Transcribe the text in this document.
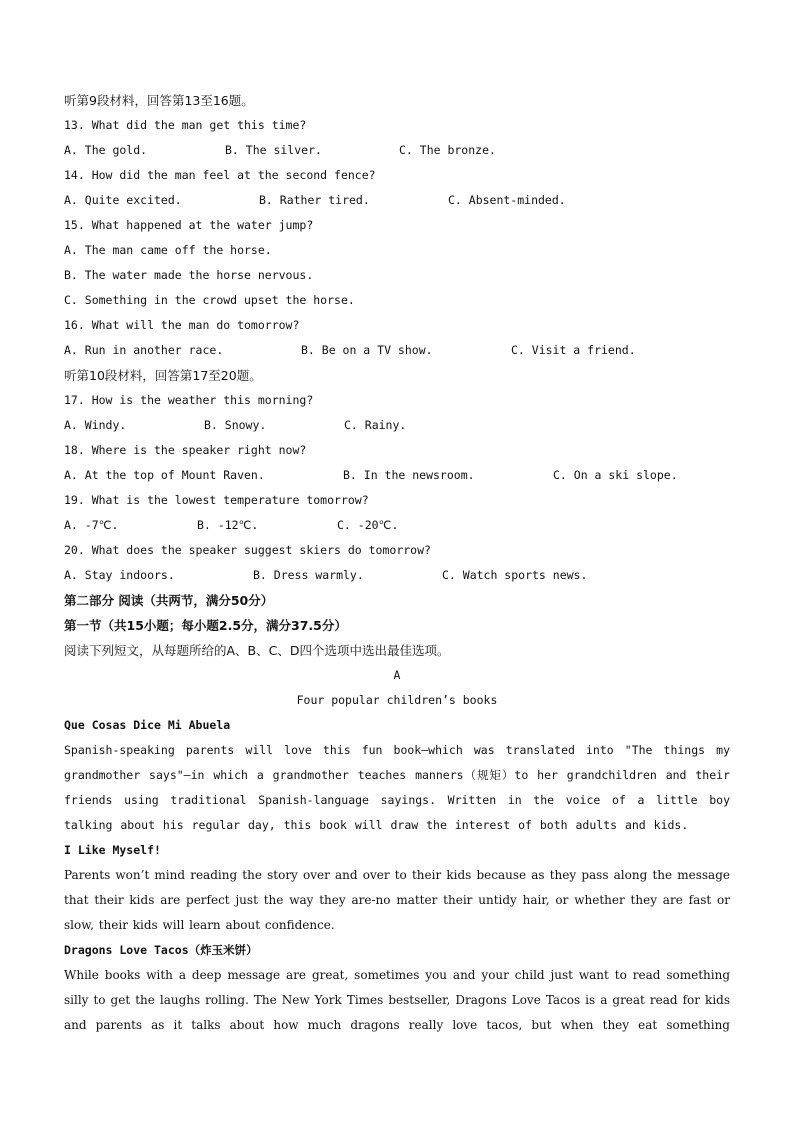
听第9段材料，回答第13至16题。
13. What did the man get this time?
A. The gold.	B. The silver.	C. The bronze.
14. How did the man feel at the second fence?
A. Quite excited.	B. Rather tired.	C. Absent-minded.
15. What happened at the water jump?
A. The man came off the horse.
B. The water made the horse nervous.
C. Something in the crowd upset the horse.
16. What will the man do tomorrow?
A. Run in another race.	B. Be on a TV show.	C. Visit a friend.
听第10段材料，回答第17至20题。
17. How is the weather this morning?
A. Windy.	B. Snowy.	C. Rainy.
18. Where is the speaker right now?
A. At the top of Mount Raven.	B. In the newsroom.	C. On a ski slope.
19. What is the lowest temperature tomorrow?
A. -7℃.	B. -12℃.	C. -20℃.
20. What does the speaker suggest skiers do tomorrow?
A. Stay indoors.	B. Dress warmly.	C. Watch sports news.
第二部分 阅读（共两节，满分50分）
第一节（共15小题；每小题2.5分，满分37.5分）
阅读下列短文，从每题所给的A、B、C、D四个选项中选出最佳选项。
A
Four popular children’s books
Que Cosas Dice Mi Abuela
Spanish-speaking parents will love this fun book—which was translated into "The things my grandmother says"—in which a grandmother teaches manners（规矩）to her grandchildren and their friends using traditional Spanish-language sayings. Written in the voice of a little boy talking about his regular day, this book will draw the interest of both adults and kids.
I Like Myself!
Parents won’t mind reading the story over and over to their kids because as they pass along the message that their kids are perfect just the way they are-no matter their untidy hair, or whether they are fast or slow, their kids will learn about confidence.
Dragons Love Tacos（炸玉米饼）
While books with a deep message are great, sometimes you and your child just want to read something silly to get the laughs rolling. The New York Times bestseller, Dragons Love Tacos is a great read for kids and parents as it talks about how much dragons really love tacos, but when they eat something
